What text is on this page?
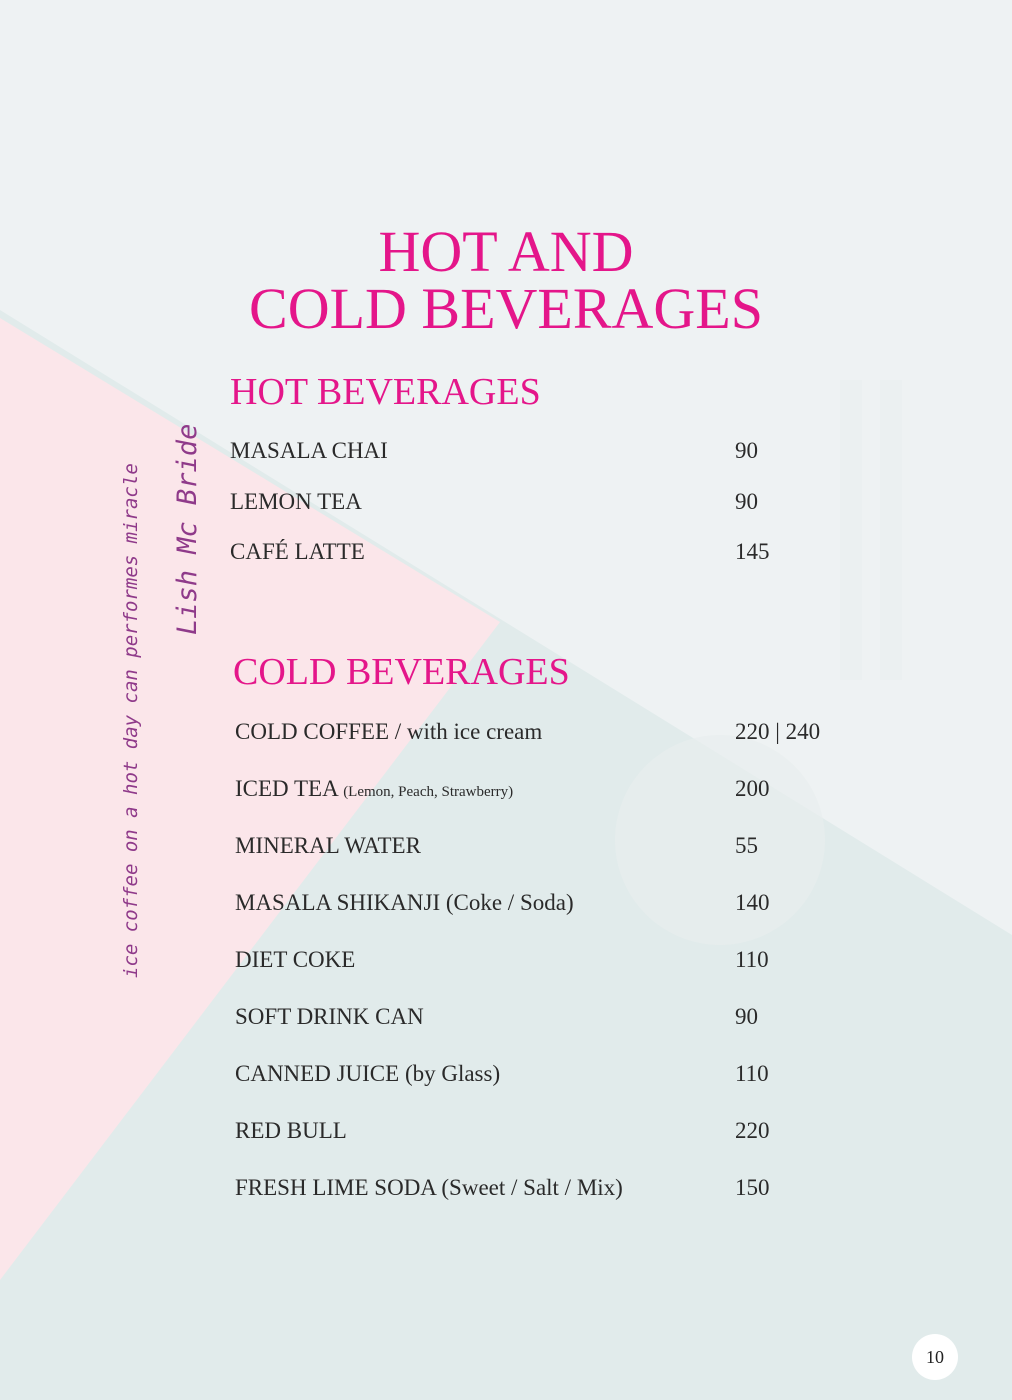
HOT AND
COLD BEVERAGES
ice coffee on a hot day can performes miracle Lish Mc Bride
HOT BEVERAGES
MASALA CHAI	90
LEMON TEA	90
CAFÉ LATTE	145
COLD BEVERAGES
COLD COFFEE / with ice cream	220 | 240
ICED TEA (Lemon, Peach, Strawberry)	200
MINERAL WATER	55
MASALA SHIKANJI (Coke / Soda)	140
DIET COKE	110
SOFT DRINK CAN	90
CANNED JUICE (by Glass)	110
RED BULL	220
FRESH LIME SODA (Sweet / Salt / Mix)	150
10
